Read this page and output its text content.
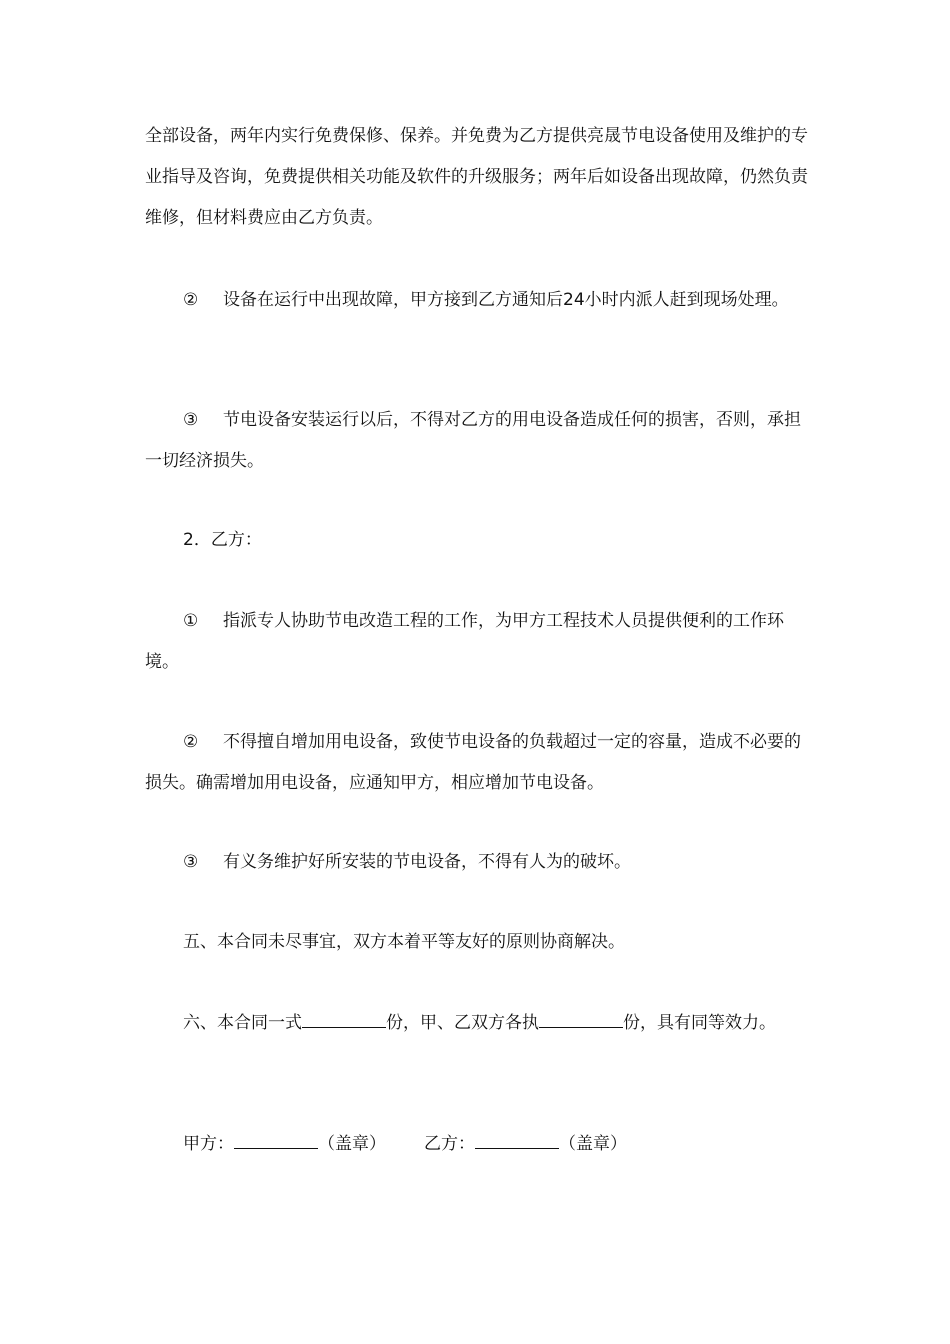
全部设备，两年内实行免费保修、保养。并免费为乙方提供亮晟节电设备使用及维护的专业指导及咨询，免费提供相关功能及软件的升级服务；两年后如设备出现故障，仍然负责维修，但材料费应由乙方负责。

② 设备在运行中出现故障，甲方接到乙方通知后24小时内派人赶到现场处理。

③ 节电设备安装运行以后，不得对乙方的用电设备造成任何的损害，否则，承担一切经济损失。

2．乙方：

① 指派专人协助节电改造工程的工作，为甲方工程技术人员提供便利的工作环境。

② 不得擅自增加用电设备，致使节电设备的负载超过一定的容量，造成不必要的损失。确需增加用电设备，应通知甲方，相应增加节电设备。

③ 有义务维护好所安装的节电设备，不得有人为的破坏。

五、本合同未尽事宜，双方本着平等友好的原则协商解决。

六、本合同一式	份，甲、乙双方各执	份，具有同等效力。

甲方：	（盖章） 乙方：	（盖章）
